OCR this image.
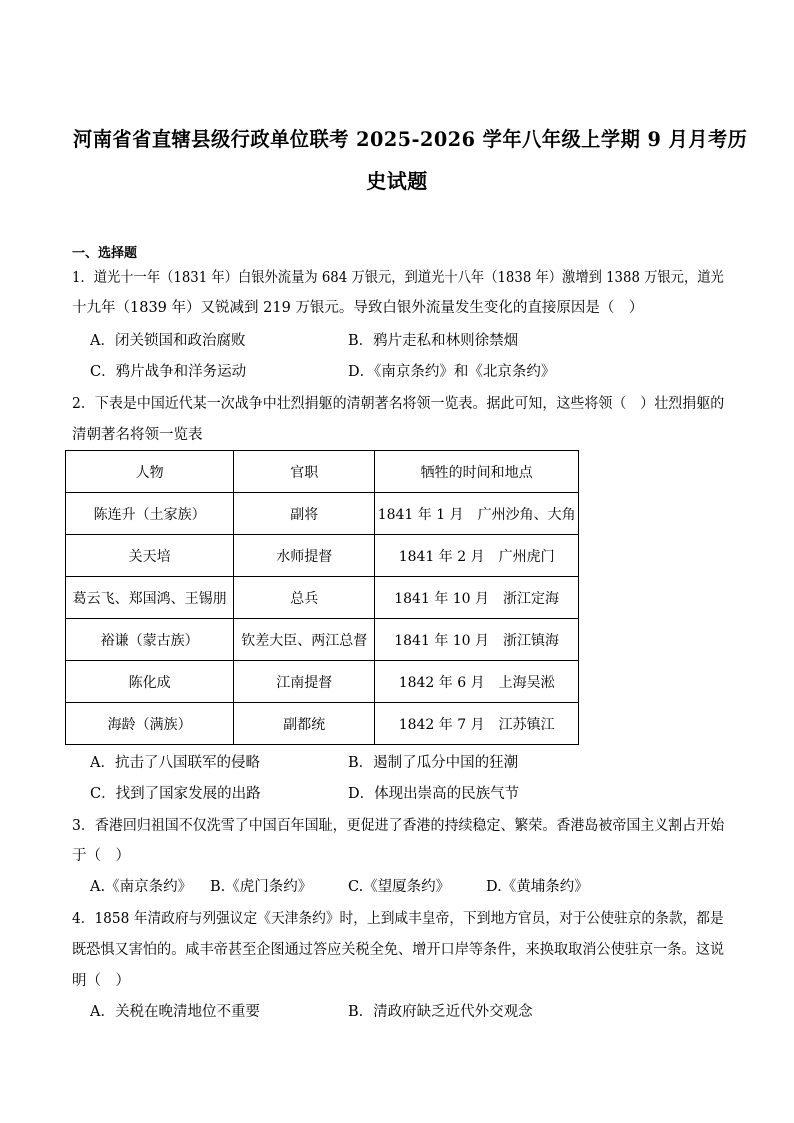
河南省省直辖县级行政单位联考 2025-2026 学年八年级上学期 9 月月考历
史试题
一、选择题
1．道光十一年（1831 年）白银外流量为 684 万银元，到道光十八年（1838 年）激增到 1388 万银元，道光
十九年（1839 年）又锐减到 219 万银元。导致白银外流量发生变化的直接原因是（　）
A．闭关锁国和政治腐败	B．鸦片走私和林则徐禁烟
C．鸦片战争和洋务运动	D．《南京条约》和《北京条约》
2．下表是中国近代某一次战争中壮烈捐躯的清朝著名将领一览表。据此可知，这些将领（　）壮烈捐躯的
清朝著名将领一览表
人物	官职	牺牲的时间和地点
陈连升（土家族）	副将	1841 年 1 月　广州沙角、大角
关天培	水师提督	1841 年 2 月　广州虎门
葛云飞、郑国鸿、王锡朋	总兵	1841 年 10 月　浙江定海
裕谦（蒙古族）	钦差大臣、两江总督	1841 年 10 月　浙江镇海
陈化成	江南提督	1842 年 6 月　上海吴淞
海龄（满族）	副都统	1842 年 7 月　江苏镇江
A．抗击了八国联军的侵略	B．遏制了瓜分中国的狂潮
C．找到了国家发展的出路	D．体现出崇高的民族气节
3．香港回归祖国不仅洗雪了中国百年国耻，更促进了香港的持续稳定、繁荣。香港岛被帝国主义割占开始
于（　）
A.《南京条约》 B.《虎门条约》 C.《望厦条约》 D.《黄埔条约》
4．1858 年清政府与列强议定《天津条约》时，上到咸丰皇帝，下到地方官员，对于公使驻京的条款，都是
既恐惧又害怕的。咸丰帝甚至企图通过答应关税全免、增开口岸等条件，来换取取消公使驻京一条。这说
明（　）
A．关税在晚清地位不重要	B．清政府缺乏近代外交观念
